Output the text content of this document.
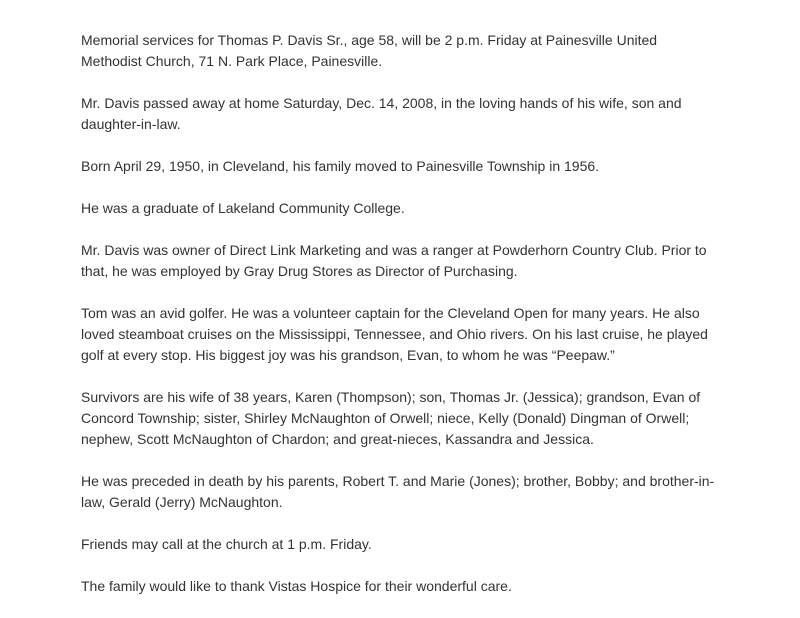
Memorial services for Thomas P. Davis Sr., age 58, will be 2 p.m. Friday at Painesville United Methodist Church, 71 N. Park Place, Painesville.

Mr. Davis passed away at home Saturday, Dec. 14, 2008, in the loving hands of his wife, son and daughter-in-law.

Born April 29, 1950, in Cleveland, his family moved to Painesville Township in 1956.

He was a graduate of Lakeland Community College.

Mr. Davis was owner of Direct Link Marketing and was a ranger at Powderhorn Country Club. Prior to that, he was employed by Gray Drug Stores as Director of Purchasing.

Tom was an avid golfer. He was a volunteer captain for the Cleveland Open for many years. He also loved steamboat cruises on the Mississippi, Tennessee, and Ohio rivers. On his last cruise, he played golf at every stop. His biggest joy was his grandson, Evan, to whom he was “Peepaw.”

Survivors are his wife of 38 years, Karen (Thompson); son, Thomas Jr. (Jessica); grandson, Evan of Concord Township; sister, Shirley McNaughton of Orwell; niece, Kelly (Donald) Dingman of Orwell; nephew, Scott McNaughton of Chardon; and great-nieces, Kassandra and Jessica.

He was preceded in death by his parents, Robert T. and Marie (Jones); brother, Bobby; and brother-in-law, Gerald (Jerry) McNaughton.

Friends may call at the church at 1 p.m. Friday.

The family would like to thank Vistas Hospice for their wonderful care.
